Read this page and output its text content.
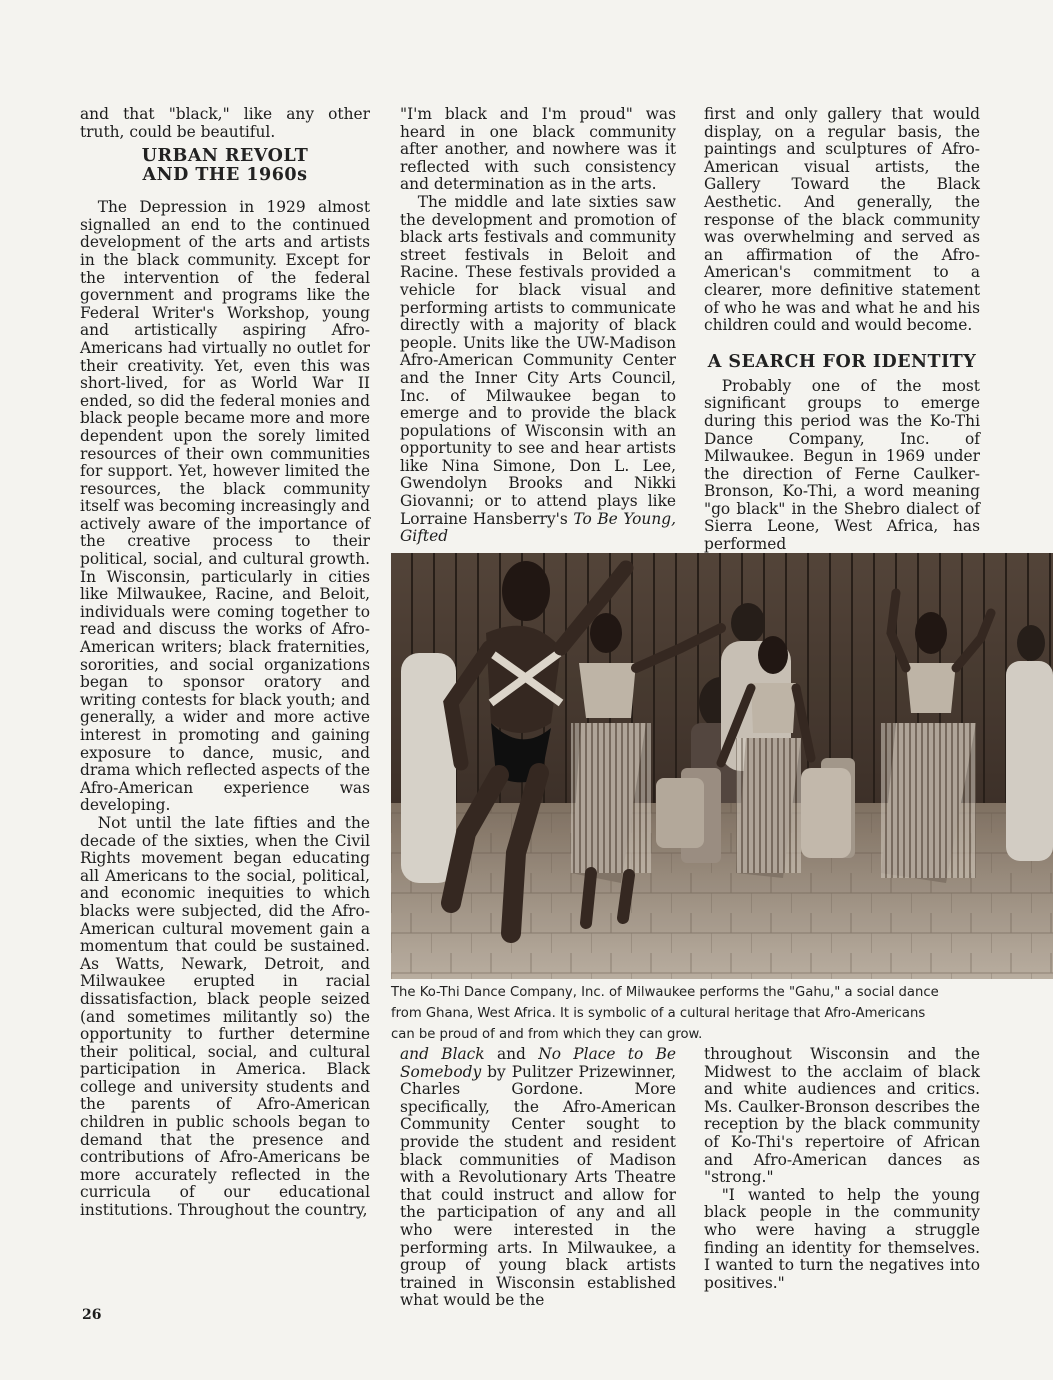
and that "black," like any other truth, could be beautiful.

URBAN REVOLT AND THE 1960s

The Depression in 1929 almost signalled an end to the continued development of the arts and artists in the black community. Except for the intervention of the federal government and programs like the Federal Writer's Workshop, young and artistically aspiring Afro-Americans had virtually no outlet for their creativity. Yet, even this was short-lived, for as World War II ended, so did the federal monies and black people became more and more dependent upon the sorely limited resources of their own communities for support. Yet, however limited the resources, the black community itself was becoming increasingly and actively aware of the importance of the creative process to their political, social, and cultural growth. In Wisconsin, particularly in cities like Milwaukee, Racine, and Beloit, individuals were coming together to read and discuss the works of Afro-American writers; black fraternities, sororities, and social organizations began to sponsor oratory and writing contests for black youth; and generally, a wider and more active interest in promoting and gaining exposure to dance, music, and drama which reflected aspects of the Afro-American experience was developing.

Not until the late fifties and the decade of the sixties, when the Civil Rights movement began educating all Americans to the social, political, and economic inequities to which blacks were subjected, did the Afro-American cultural movement gain a momentum that could be sustained. As Watts, Newark, Detroit, and Milwaukee erupted in racial dissatisfaction, black people seized (and sometimes militantly so) the opportunity to further determine their political, social, and cultural participation in America. Black college and university students and the parents of Afro-American children in public schools began to demand that the presence and contributions of Afro-Americans be more accurately reflected in the curricula of our educational institutions. Throughout the country,

"I'm black and I'm proud" was heard in one black community after another, and nowhere was it reflected with such consistency and determination as in the arts.

The middle and late sixties saw the development and promotion of black arts festivals and community street festivals in Beloit and Racine. These festivals provided a vehicle for black visual and performing artists to communicate directly with a majority of black people. Units like the UW-Madison Afro-American Community Center and the Inner City Arts Council, Inc. of Milwaukee began to emerge and to provide the black populations of Wisconsin with an opportunity to see and hear artists like Nina Simone, Don L. Lee, Gwendolyn Brooks and Nikki Giovanni; or to attend plays like Lorraine Hansberry's To Be Young, Gifted

first and only gallery that would display, on a regular basis, the paintings and sculptures of Afro-American visual artists, the Gallery Toward the Black Aesthetic. And generally, the response of the black community was overwhelming and served as an affirmation of the Afro-American's commitment to a clearer, more definitive statement of who he was and what he and his children could and would become.

A SEARCH FOR IDENTITY

Probably one of the most significant groups to emerge during this period was the Ko-Thi Dance Company, Inc. of Milwaukee. Begun in 1969 under the direction of Ferne Caulker-Bronson, Ko-Thi, a word meaning "go black" in the Shebro dialect of Sierra Leone, West Africa, has performed

The Ko-Thi Dance Company, Inc. of Milwaukee performs the "Gahu," a social dance
from Ghana, West Africa. It is symbolic of a cultural heritage that Afro-Americans
can be proud of and from which they can grow.

and Black and No Place to Be Somebody by Pulitzer Prizewinner, Charles Gordone. More specifically, the Afro-American Community Center sought to provide the student and resident black communities of Madison with a Revolutionary Arts Theatre that could instruct and allow for the participation of any and all who were interested in the performing arts. In Milwaukee, a group of young black artists trained in Wisconsin established what would be the

throughout Wisconsin and the Midwest to the acclaim of black and white audiences and critics. Ms. Caulker-Bronson describes the reception by the black community of Ko-Thi's repertoire of African and Afro-American dances as "strong."

"I wanted to help the young black people in the community who were having a struggle finding an identity for themselves. I wanted to turn the negatives into positives."

26
